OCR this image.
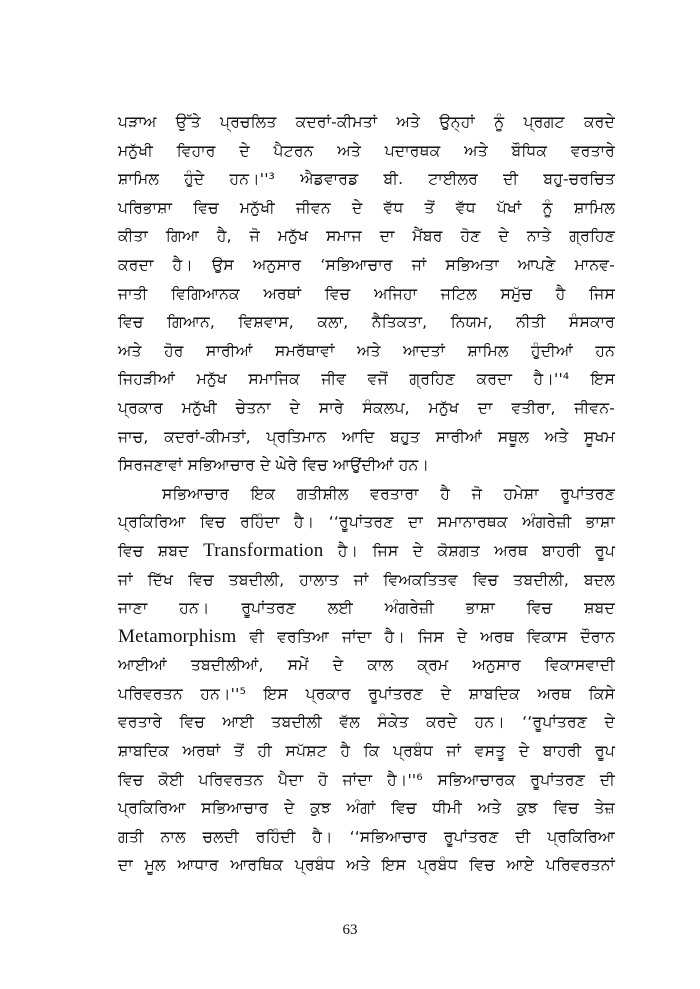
ਪੜਾਅ ਉੱਤੇ ਪ੍ਰਚਲਿਤ ਕਦਰਾਂ-ਕੀਮਤਾਂ ਅਤੇ ਉਨ੍ਹਾਂ ਨੂੰ ਪ੍ਰਗਟ ਕਰਦੇ
ਮਨੁੱਖੀ ਵਿਹਾਰ ਦੇ ਪੈਟਰਨ ਅਤੇ ਪਦਾਰਥਕ ਅਤੇ ਬੌਧਿਕ ਵਰਤਾਰੇ
ਸ਼ਾਮਿਲ ਹੁੰਦੇ ਹਨ।''³ ਐਡਵਾਰਡ ਬੀ. ਟਾਈਲਰ ਦੀ ਬਹੁ-ਚਰਚਿਤ
ਪਰਿਭਾਸ਼ਾ ਵਿਚ ਮਨੁੱਖੀ ਜੀਵਨ ਦੇ ਵੱਧ ਤੋਂ ਵੱਧ ਪੱਖਾਂ ਨੂੰ ਸ਼ਾਮਿਲ
ਕੀਤਾ ਗਿਆ ਹੈ, ਜੋ ਮਨੁੱਖ ਸਮਾਜ ਦਾ ਮੈਂਬਰ ਹੋਣ ਦੇ ਨਾਤੇ ਗ੍ਰਹਿਣ
ਕਰਦਾ ਹੈ। ਉਸ ਅਨੁਸਾਰ ‘ਸਭਿਆਚਾਰ ਜਾਂ ਸਭਿਅਤਾ ਆਪਣੇ ਮਾਨਵ-
ਜਾਤੀ ਵਿਗਿਆਨਕ ਅਰਥਾਂ ਵਿਚ ਅਜਿਹਾ ਜਟਿਲ ਸਮੁੱਚ ਹੈ ਜਿਸ
ਵਿਚ ਗਿਆਨ, ਵਿਸ਼ਵਾਸ, ਕਲਾ, ਨੈਤਿਕਤਾ, ਨਿਯਮ, ਨੀਤੀ ਸੰਸਕਾਰ
ਅਤੇ ਹੋਰ ਸਾਰੀਆਂ ਸਮਰੱਥਾਵਾਂ ਅਤੇ ਆਦਤਾਂ ਸ਼ਾਮਿਲ ਹੁੰਦੀਆਂ ਹਨ
ਜਿਹੜੀਆਂ ਮਨੁੱਖ ਸਮਾਜਿਕ ਜੀਵ ਵਜੋਂ ਗ੍ਰਹਿਣ ਕਰਦਾ ਹੈ।''⁴ ਇਸ
ਪ੍ਰਕਾਰ ਮਨੁੱਖੀ ਚੇਤਨਾ ਦੇ ਸਾਰੇ ਸੰਕਲਪ, ਮਨੁੱਖ ਦਾ ਵਤੀਰਾ, ਜੀਵਨ-
ਜਾਚ, ਕਦਰਾਂ-ਕੀਮਤਾਂ, ਪ੍ਰਤਿਮਾਨ ਆਦਿ ਬਹੁਤ ਸਾਰੀਆਂ ਸਥੂਲ ਅਤੇ ਸੂਖਮ
ਸਿਰਜਣਾਵਾਂ ਸਭਿਆਚਾਰ ਦੇ ਘੇਰੇ ਵਿਚ ਆਉਂਦੀਆਂ ਹਨ।
ਸਭਿਆਚਾਰ ਇਕ ਗਤੀਸ਼ੀਲ ਵਰਤਾਰਾ ਹੈ ਜੋ ਹਮੇਸ਼ਾ ਰੂਪਾਂਤਰਣ
ਪ੍ਰਕਿਰਿਆ ਵਿਚ ਰਹਿੰਦਾ ਹੈ। ‘‘ਰੂਪਾਂਤਰਣ ਦਾ ਸਮਾਨਾਰਥਕ ਅੰਗਰੇਜ਼ੀ ਭਾਸ਼ਾ
ਵਿਚ ਸ਼ਬਦ Transformation ਹੈ। ਜਿਸ ਦੇ ਕੋਸ਼ਗਤ ਅਰਥ ਬਾਹਰੀ ਰੂਪ
ਜਾਂ ਦਿੱਖ ਵਿਚ ਤਬਦੀਲੀ, ਹਾਲਾਤ ਜਾਂ ਵਿਅਕਤਿਤਵ ਵਿਚ ਤਬਦੀਲੀ, ਬਦਲ
ਜਾਣਾ ਹਨ। ਰੂਪਾਂਤਰਣ ਲਈ ਅੰਗਰੇਜ਼ੀ ਭਾਸ਼ਾ ਵਿਚ ਸ਼ਬਦ
Metamorphism ਵੀ ਵਰਤਿਆ ਜਾਂਦਾ ਹੈ। ਜਿਸ ਦੇ ਅਰਥ ਵਿਕਾਸ ਦੌਰਾਨ
ਆਈਆਂ ਤਬਦੀਲੀਆਂ, ਸਮੇਂ ਦੇ ਕਾਲ ਕ੍ਰਮ ਅਨੁਸਾਰ ਵਿਕਾਸਵਾਦੀ
ਪਰਿਵਰਤਨ ਹਨ।''⁵ ਇਸ ਪ੍ਰਕਾਰ ਰੂਪਾਂਤਰਣ ਦੇ ਸ਼ਾਬਦਿਕ ਅਰਥ ਕਿਸੇ
ਵਰਤਾਰੇ ਵਿਚ ਆਈ ਤਬਦੀਲੀ ਵੱਲ ਸੰਕੇਤ ਕਰਦੇ ਹਨ। ‘‘ਰੂਪਾਂਤਰਣ ਦੇ
ਸ਼ਾਬਦਿਕ ਅਰਥਾਂ ਤੋਂ ਹੀ ਸਪੱਸ਼ਟ ਹੈ ਕਿ ਪ੍ਰਬੰਧ ਜਾਂ ਵਸਤੂ ਦੇ ਬਾਹਰੀ ਰੂਪ
ਵਿਚ ਕੋਈ ਪਰਿਵਰਤਨ ਪੈਦਾ ਹੋ ਜਾਂਦਾ ਹੈ।''⁶ ਸਭਿਆਚਾਰਕ ਰੂਪਾਂਤਰਣ ਦੀ
ਪ੍ਰਕਿਰਿਆ ਸਭਿਆਚਾਰ ਦੇ ਕੁਝ ਅੰਗਾਂ ਵਿਚ ਧੀਮੀ ਅਤੇ ਕੁਝ ਵਿਚ ਤੇਜ਼
ਗਤੀ ਨਾਲ ਚਲਦੀ ਰਹਿੰਦੀ ਹੈ। ‘‘ਸਭਿਆਚਾਰ ਰੂਪਾਂਤਰਣ ਦੀ ਪ੍ਰਕਿਰਿਆ
ਦਾ ਮੂਲ ਆਧਾਰ ਆਰਥਿਕ ਪ੍ਰਬੰਧ ਅਤੇ ਇਸ ਪ੍ਰਬੰਧ ਵਿਚ ਆਏ ਪਰਿਵਰਤਨਾਂ
63
